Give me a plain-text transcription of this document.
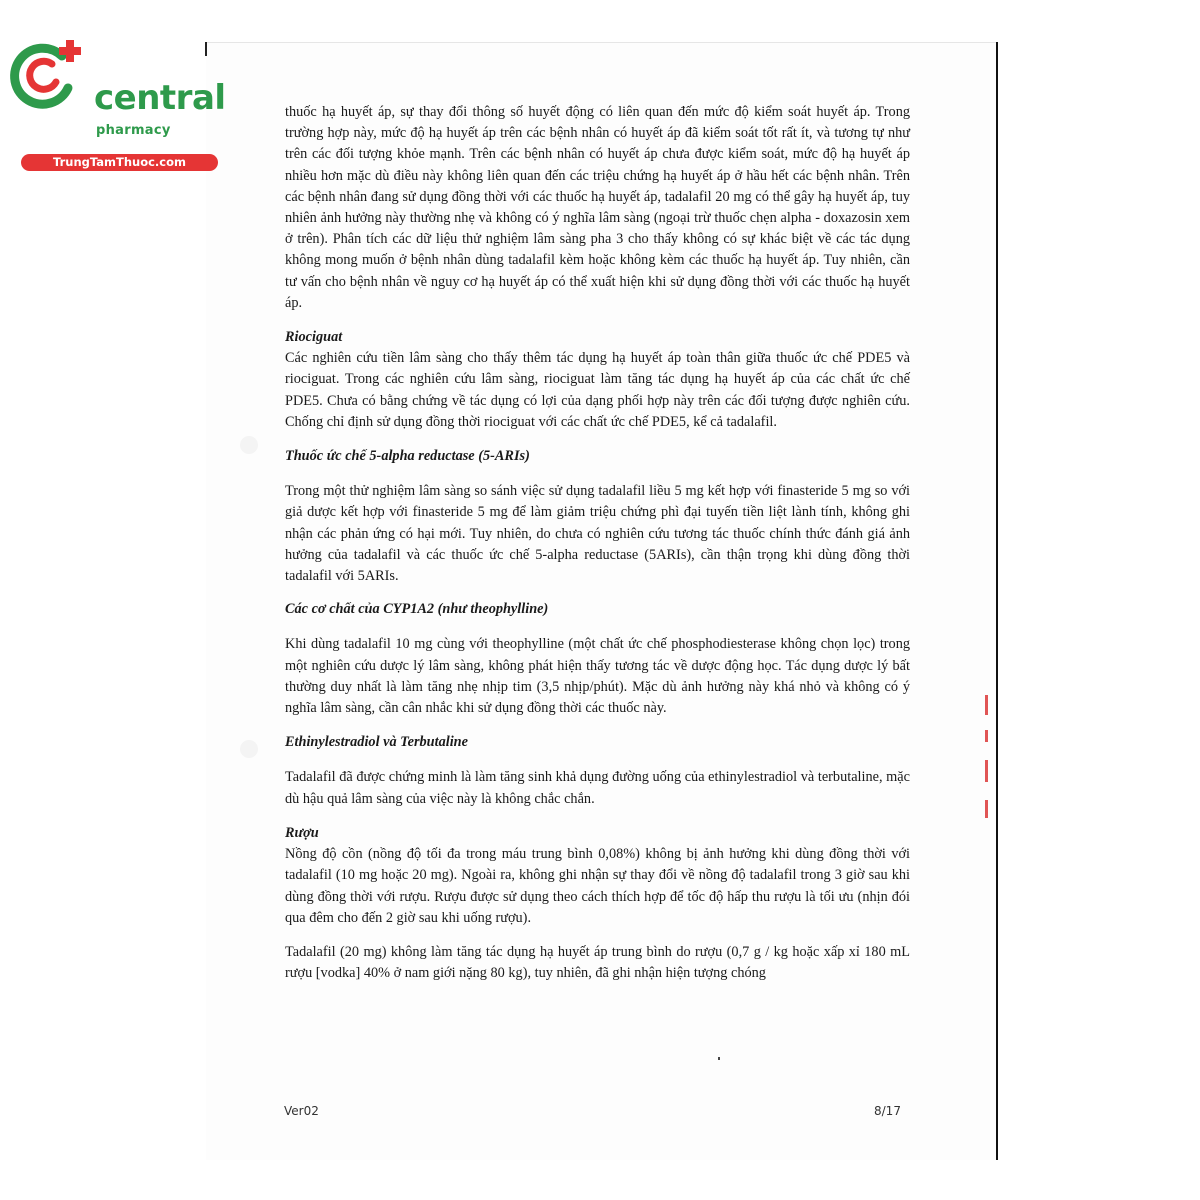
central
pharmacy
TrungTamThuoc.com

thuốc hạ huyết áp, sự thay đổi thông số huyết động có liên quan đến mức độ kiểm soát huyết áp. Trong trường hợp này, mức độ hạ huyết áp trên các bệnh nhân có huyết áp đã kiểm soát tốt rất ít, và tương tự như trên các đối tượng khỏe mạnh. Trên các bệnh nhân có huyết áp chưa được kiểm soát, mức độ hạ huyết áp nhiều hơn mặc dù điều này không liên quan đến các triệu chứng hạ huyết áp ở hầu hết các bệnh nhân. Trên các bệnh nhân đang sử dụng đồng thời với các thuốc hạ huyết áp, tadalafil 20 mg có thể gây hạ huyết áp, tuy nhiên ảnh hưởng này thường nhẹ và không có ý nghĩa lâm sàng (ngoại trừ thuốc chẹn alpha - doxazosin xem ở trên). Phân tích các dữ liệu thử nghiệm lâm sàng pha 3 cho thấy không có sự khác biệt về các tác dụng không mong muốn ở bệnh nhân dùng tadalafil kèm hoặc không kèm các thuốc hạ huyết áp. Tuy nhiên, cần tư vấn cho bệnh nhân về nguy cơ hạ huyết áp có thể xuất hiện khi sử dụng đồng thời với các thuốc hạ huyết áp.

Riociguat

Các nghiên cứu tiền lâm sàng cho thấy thêm tác dụng hạ huyết áp toàn thân giữa thuốc ức chế PDE5 và riociguat. Trong các nghiên cứu lâm sàng, riociguat làm tăng tác dụng hạ huyết áp của các chất ức chế PDE5. Chưa có bằng chứng về tác dụng có lợi của dạng phối hợp này trên các đối tượng được nghiên cứu. Chống chỉ định sử dụng đồng thời riociguat với các chất ức chế PDE5, kể cả tadalafil.

Thuốc ức chế 5-alpha reductase (5-ARIs)

Trong một thử nghiệm lâm sàng so sánh việc sử dụng tadalafil liều 5 mg kết hợp với finasteride 5 mg so với giả dược kết hợp với finasteride 5 mg để làm giảm triệu chứng phì đại tuyến tiền liệt lành tính, không ghi nhận các phản ứng có hại mới. Tuy nhiên, do chưa có nghiên cứu tương tác thuốc chính thức đánh giá ảnh hưởng của tadalafil và các thuốc ức chế 5-alpha reductase (5ARIs), cần thận trọng khi dùng đồng thời tadalafil với 5ARIs.

Các cơ chất của CYP1A2 (như theophylline)

Khi dùng tadalafil 10 mg cùng với theophylline (một chất ức chế phosphodiesterase không chọn lọc) trong một nghiên cứu dược lý lâm sàng, không phát hiện thấy tương tác về dược động học. Tác dụng dược lý bất thường duy nhất là làm tăng nhẹ nhịp tim (3,5 nhịp/phút). Mặc dù ảnh hưởng này khá nhỏ và không có ý nghĩa lâm sàng, cần cân nhắc khi sử dụng đồng thời các thuốc này.

Ethinylestradiol và Terbutaline

Tadalafil đã được chứng minh là làm tăng sinh khả dụng đường uống của ethinylestradiol và terbutaline, mặc dù hậu quả lâm sàng của việc này là không chắc chắn.

Rượu

Nồng độ cồn (nồng độ tối đa trong máu trung bình 0,08%) không bị ảnh hưởng khi dùng đồng thời với tadalafil (10 mg hoặc 20 mg). Ngoài ra, không ghi nhận sự thay đổi về nồng độ tadalafil trong 3 giờ sau khi dùng đồng thời với rượu. Rượu được sử dụng theo cách thích hợp để tốc độ hấp thu rượu là tối ưu (nhịn đói qua đêm cho đến 2 giờ sau khi uống rượu).

Tadalafil (20 mg) không làm tăng tác dụng hạ huyết áp trung bình do rượu (0,7 g / kg hoặc xấp xỉ 180 mL rượu [vodka] 40% ở nam giới nặng 80 kg), tuy nhiên, đã ghi nhận hiện tượng chóng

Ver02	8/17
